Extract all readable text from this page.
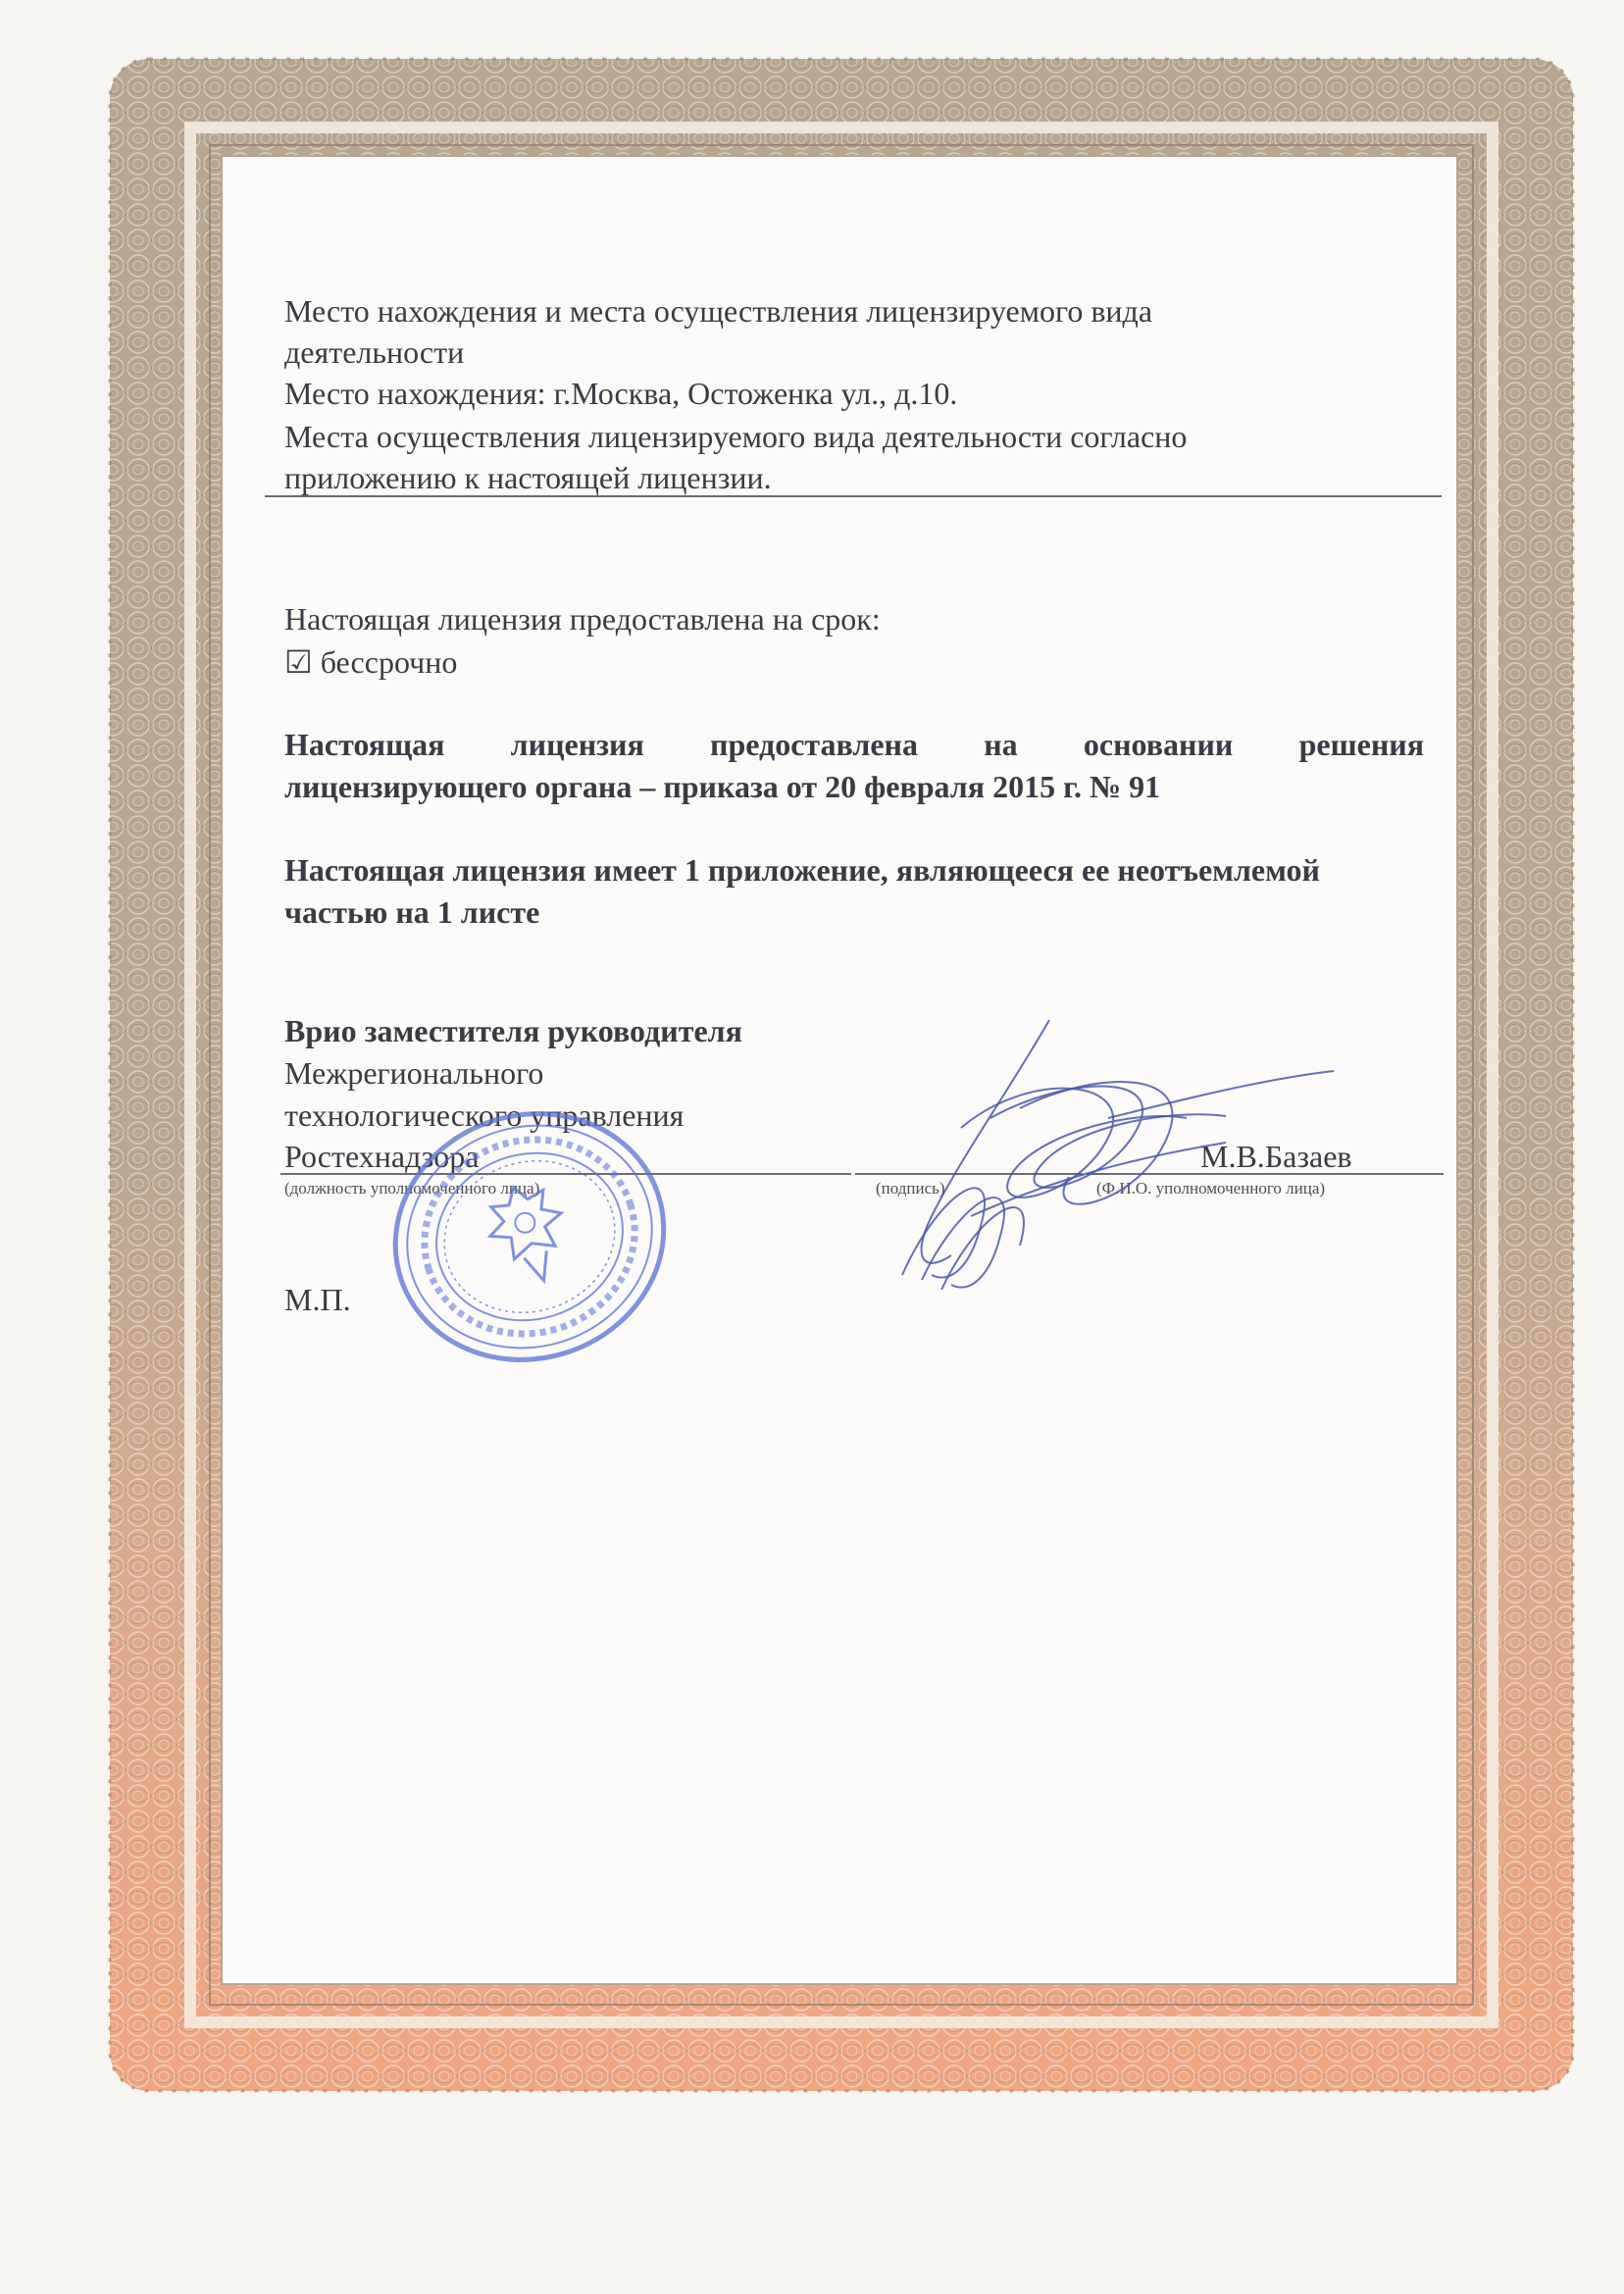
Место нахождения и места осуществления лицензируемого вида
деятельности
Место нахождения: г.Москва, Остоженка ул., д.10.
Места осуществления лицензируемого вида деятельности согласно
приложению к настоящей лицензии.
Настоящая лицензия предоставлена на срок:
☑ бессрочно
Настоящая лицензия предоставлена на основании решения
лицензирующего органа – приказа от 20 февраля 2015 г. № 91
Настоящая лицензия имеет 1 приложение, являющееся ее неотъемлемой
частью на 1 листе
Врио заместителя руководителя
Межрегионального
технологического управления
Ростехнадзора	М.В.Базаев
(должность уполномоченного лица)	(подпись)	(Ф.И.О. уполномоченного лица)
М.П.
